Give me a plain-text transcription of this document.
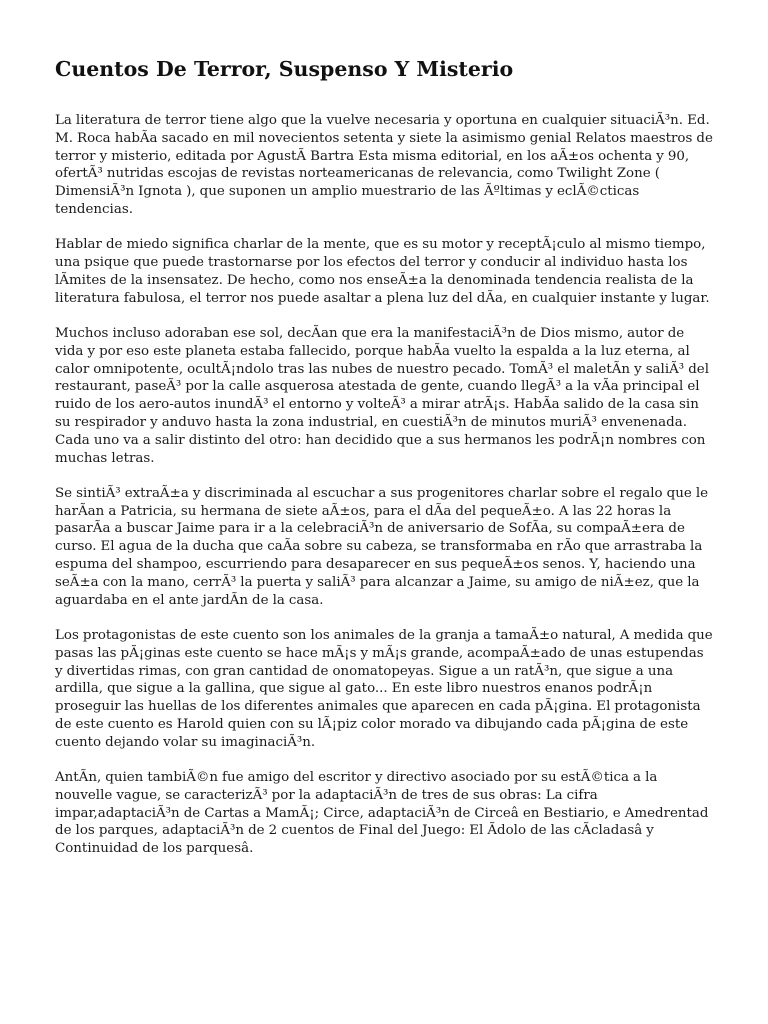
Cuentos De Terror, Suspenso Y Misterio

La literatura de terror tiene algo que la vuelve necesaria y oportuna en cualquier situaciÃ³n. Ed. M. Roca habÃa sacado en mil novecientos setenta y siete la asimismo genial Relatos maestros de terror y misterio, editada por AgustÃ Bartra Esta misma editorial, en los aÃ±os ochenta y 90, ofertÃ³ nutridas escojas de revistas norteamericanas de relevancia, como Twilight Zone ( DimensiÃ³n Ignota ), que suponen un amplio muestrario de las Ãºltimas y eclÃ©cticas tendencias.

Hablar de miedo significa charlar de la mente, que es su motor y receptÃ¡culo al mismo tiempo, una psique que puede trastornarse por los efectos del terror y conducir al individuo hasta los lÃmites de la insensatez. De hecho, como nos enseÃ±a la denominada tendencia realista de la literatura fabulosa, el terror nos puede asaltar a plena luz del dÃa, en cualquier instante y lugar.

Muchos incluso adoraban ese sol, decÃan que era la manifestaciÃ³n de Dios mismo, autor de vida y por eso este planeta estaba fallecido, porque habÃa vuelto la espalda a la luz eterna, al calor omnipotente, ocultÃ¡ndolo tras las nubes de nuestro pecado. TomÃ³ el maletÃn y saliÃ³ del restaurant, paseÃ³ por la calle asquerosa atestada de gente, cuando llegÃ³ a la vÃa principal el ruido de los aero-autos inundÃ³ el entorno y volteÃ³ a mirar atrÃ¡s. HabÃa salido de la casa sin su respirador y anduvo hasta la zona industrial, en cuestiÃ³n de minutos muriÃ³ envenenada. Cada uno va a salir distinto del otro: han decidido que a sus hermanos les podrÃ¡n nombres con muchas letras.

Se sintiÃ³ extraÃ±a y discriminada al escuchar a sus progenitores charlar sobre el regalo que le harÃan a Patricia, su hermana de siete aÃ±os, para el dÃa del pequeÃ±o. A las 22 horas la pasarÃa a buscar Jaime para ir a la celebraciÃ³n de aniversario de SofÃa, su compaÃ±era de curso. El agua de la ducha que caÃa sobre su cabeza, se transformaba en rÃo que arrastraba la espuma del shampoo, escurriendo para desaparecer en sus pequeÃ±os senos. Y, haciendo una seÃ±a con la mano, cerrÃ³ la puerta y saliÃ³ para alcanzar a Jaime, su amigo de niÃ±ez, que la aguardaba en el ante jardÃn de la casa.

Los protagonistas de este cuento son los animales de la granja a tamaÃ±o natural, A medida que pasas las pÃ¡ginas este cuento se hace mÃ¡s y mÃ¡s grande, acompaÃ±ado de unas estupendas y divertidas rimas, con gran cantidad de onomatopeyas. Sigue a un ratÃ³n, que sigue a una ardilla, que sigue a la gallina, que sigue al gato... En este libro nuestros enanos podrÃ¡n proseguir las huellas de los diferentes animales que aparecen en cada pÃ¡gina. El protagonista de este cuento es Harold quien con su lÃ¡piz color morado va dibujando cada pÃ¡gina de este cuento dejando volar su imaginaciÃ³n.

AntÃn, quien tambiÃ©n fue amigo del escritor y directivo asociado por su estÃ©tica a la nouvelle vague, se caracterizÃ³ por la adaptaciÃ³n de tres de sus obras: La cifra impar,adaptaciÃ³n de Cartas a MamÃ¡; Circe, adaptaciÃ³n de Circeâ en Bestiario, e Amedrentad de los parques, adaptaciÃ³n de 2 cuentos de Final del Juego: El Ãdolo de las cÃcladasâ y Continuidad de los parquesâ.
